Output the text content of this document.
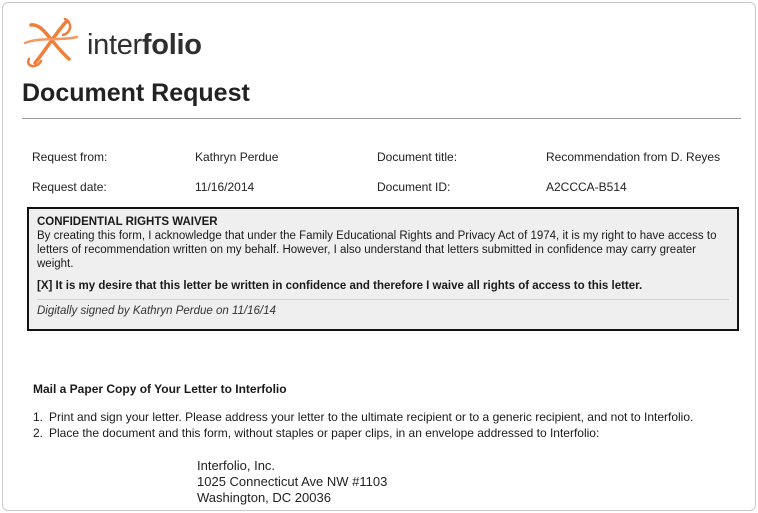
interfolio
Document Request
Request from:	Kathryn Perdue	Document title:	Recommendation from D. Reyes
Request date:	11/16/2014	Document ID:	A2CCCA-B514
CONFIDENTIAL RIGHTS WAIVER
By creating this form, I acknowledge that under the Family Educational Rights and Privacy Act of 1974, it is my right to have access to letters of recommendation written on my behalf. However, I also understand that letters submitted in confidence may carry greater weight.
[X] It is my desire that this letter be written in confidence and therefore I waive all rights of access to this letter.
Digitally signed by Kathryn Perdue on 11/16/14
Mail a Paper Copy of Your Letter to Interfolio
1. Print and sign your letter. Please address your letter to the ultimate recipient or to a generic recipient, and not to Interfolio.
2. Place the document and this form, without staples or paper clips, in an envelope addressed to Interfolio:
Interfolio, Inc.
1025 Connecticut Ave NW #1103
Washington, DC 20036
